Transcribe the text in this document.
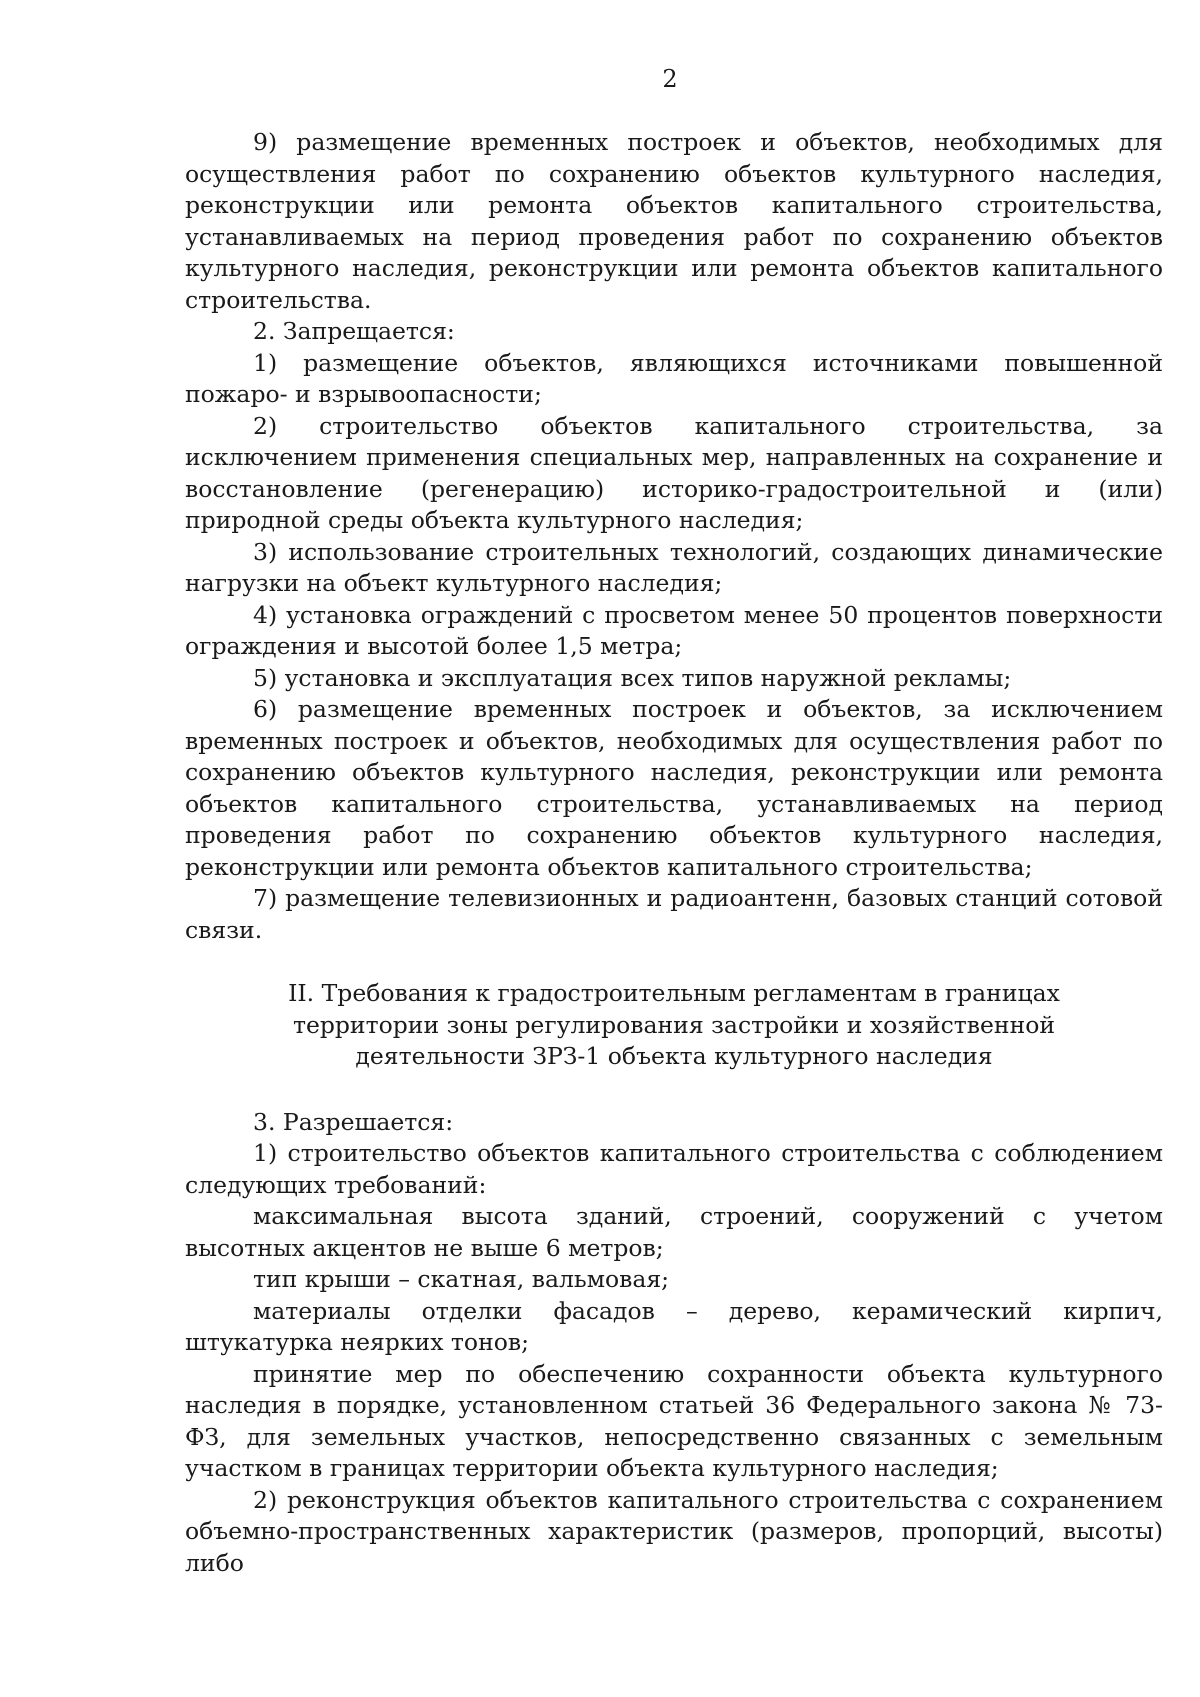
2

9) размещение временных построек и объектов, необходимых для осуществления работ по сохранению объектов культурного наследия, реконструкции или ремонта объектов капитального строительства, устанавливаемых на период проведения работ по сохранению объектов культурного наследия, реконструкции или ремонта объектов капитального строительства.

2. Запрещается:

1) размещение объектов, являющихся источниками повышенной пожаро- и взрывоопасности;

2) строительство объектов капитального строительства, за исключением применения специальных мер, направленных на сохранение и восстановление (регенерацию) историко-градостроительной и (или) природной среды объекта культурного наследия;

3) использование строительных технологий, создающих динамические нагрузки на объект культурного наследия;

4) установка ограждений с просветом менее 50 процентов поверхности ограждения и высотой более 1,5 метра;

5) установка и эксплуатация всех типов наружной рекламы;

6) размещение временных построек и объектов, за исключением временных построек и объектов, необходимых для осуществления работ по сохранению объектов культурного наследия, реконструкции или ремонта объектов капитального строительства, устанавливаемых на период проведения работ по сохранению объектов культурного наследия, реконструкции или ремонта объектов капитального строительства;

7) размещение телевизионных и радиоантенн, базовых станций сотовой связи.

II. Требования к градостроительным регламентам в границах
территории зоны регулирования застройки и хозяйственной
деятельности ЗРЗ-1 объекта культурного наследия

3. Разрешается:

1) строительство объектов капитального строительства с соблюдением следующих требований:

максимальная высота зданий, строений, сооружений с учетом высотных акцентов не выше 6 метров;

тип крыши – скатная, вальмовая;

материалы отделки фасадов – дерево, керамический кирпич, штукатурка неярких тонов;

принятие мер по обеспечению сохранности объекта культурного наследия в порядке, установленном статьей 36 Федерального закона № 73-ФЗ, для земельных участков, непосредственно связанных с земельным участком в границах территории объекта культурного наследия;

2) реконструкция объектов капитального строительства с сохранением объемно-пространственных характеристик (размеров, пропорций, высоты) либо
